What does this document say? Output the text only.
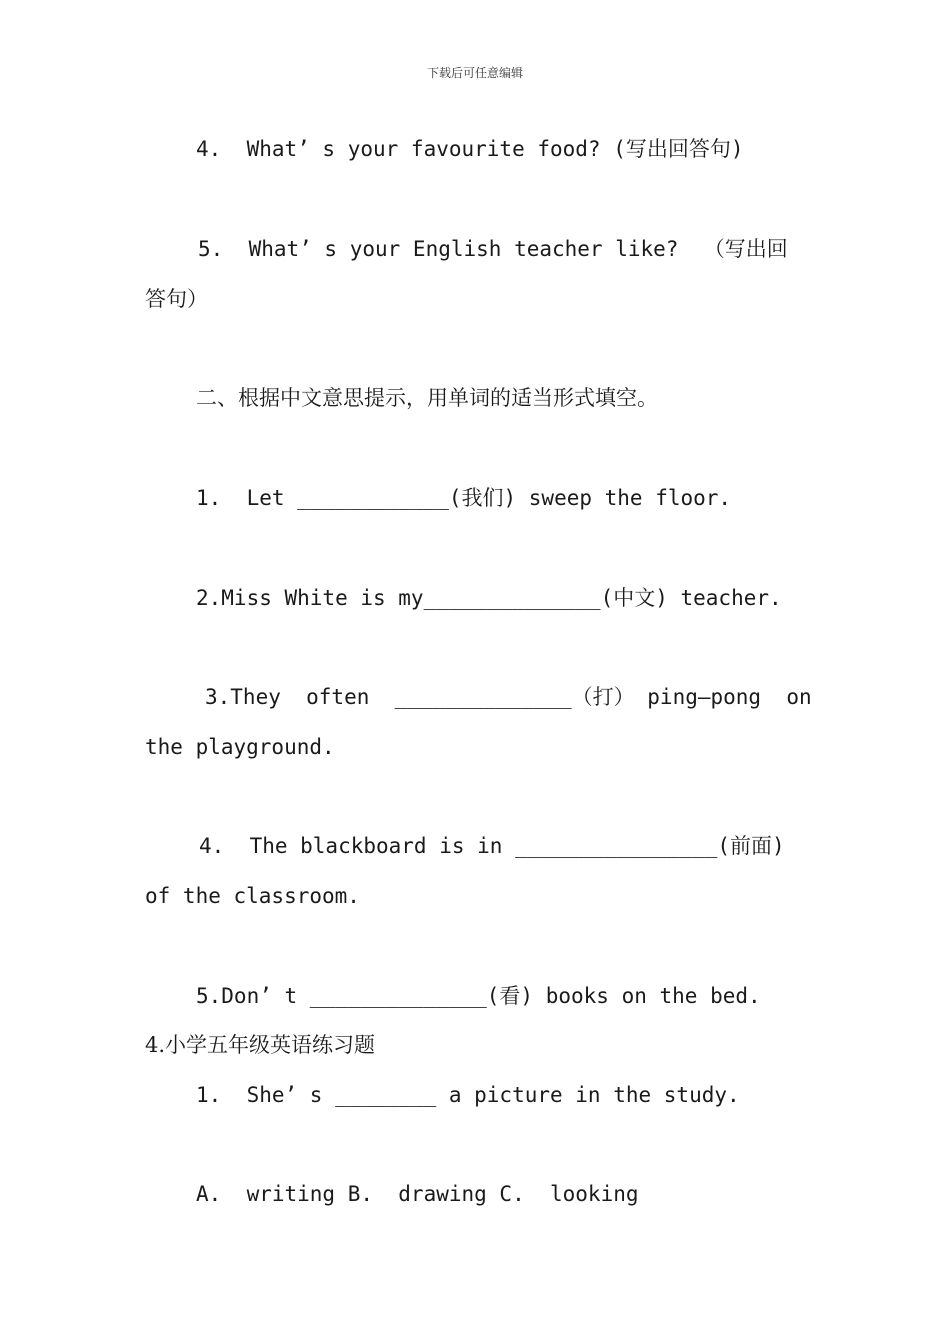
下载后可任意编辑
4.  What’ s your favourite food? (写出回答句)
5.  What’ s your English teacher like?  （写出回
答句）
二、根据中文意思提示，用单词的适当形式填空。
1.  Let ____________(我们) sweep the floor.
2.Miss White is my______________(中文) teacher.
3.They  often  ______________（打） ping—pong  on
the playground.
4.  The blackboard is in ________________(前面)
of the classroom.
5.Don’ t ______________(看) books on the bed.
4.小学五年级英语练习题
1.  She’ s ________ a picture in the study.
A.  writing B.  drawing C.  looking
